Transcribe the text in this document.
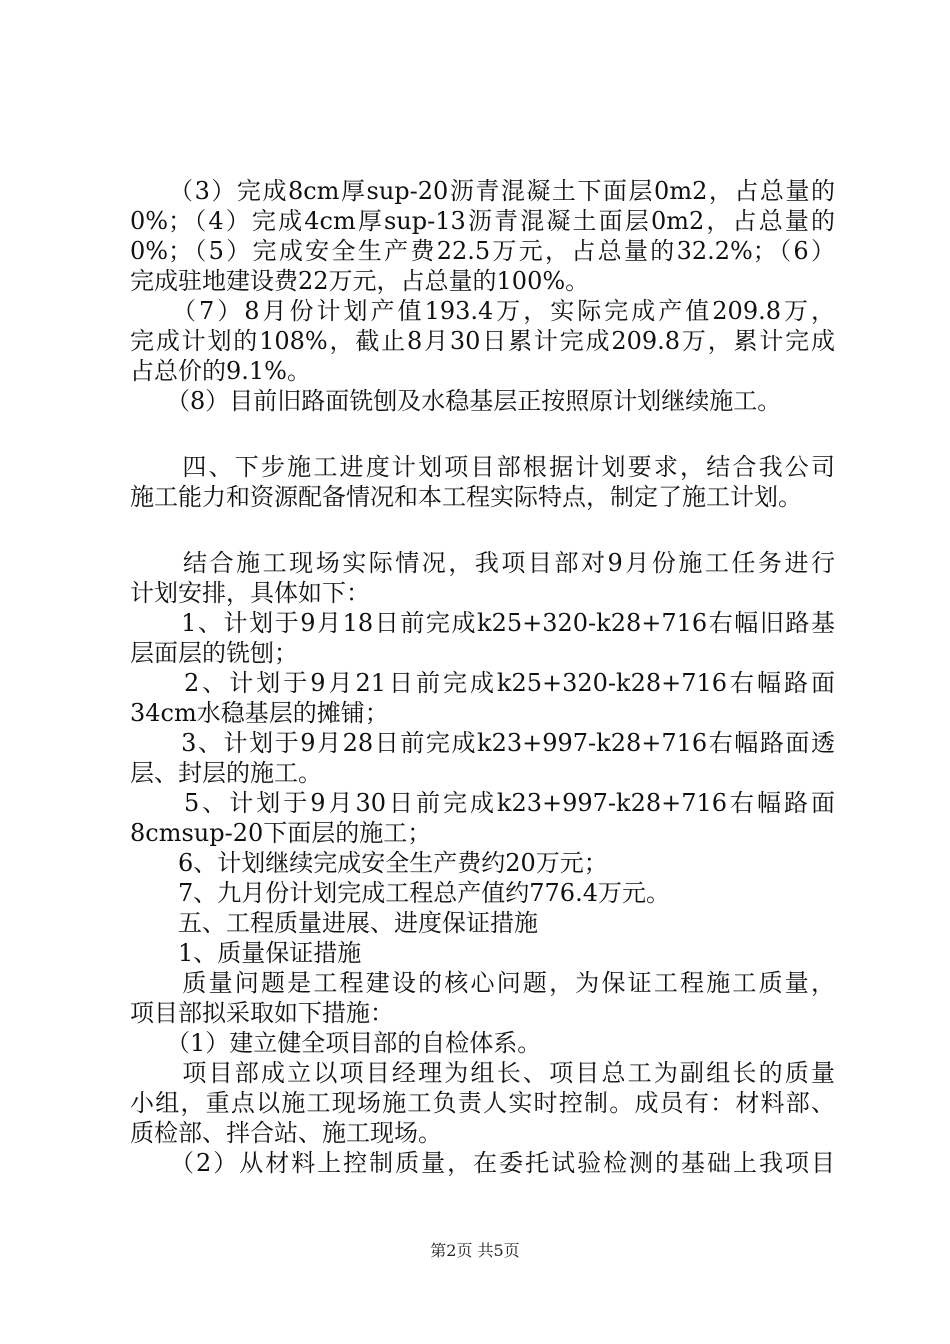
　　（3）完成8cm厚sup-20沥青混凝土下面层0m2，占总量的
0%；（4）完成4cm厚sup-13沥青混凝土面层0m2，占总量的
0%；（5）完成安全生产费22.5万元，占总量的32.2%；（6）
完成驻地建设费22万元，占总量的100%。
　　（7）8月份计划产值193.4万，实际完成产值209.8万，
完成计划的108%，截止8月30日累计完成209.8万，累计完成
占总价的9.1%。
　　（8）目前旧路面铣刨及水稳基层正按照原计划继续施工。
　　四、下步施工进度计划项目部根据计划要求，结合我公司
施工能力和资源配备情况和本工程实际特点，制定了施工计划。
　　结合施工现场实际情况，我项目部对9月份施工任务进行
计划安排，具体如下：
　　1、计划于9月18日前完成k25+320-k28+716右幅旧路基
层面层的铣刨；
　　2、计划于9月21日前完成k25+320-k28+716右幅路面
34cm水稳基层的摊铺；
　　3、计划于9月28日前完成k23+997-k28+716右幅路面透
层、封层的施工。
　　5、计划于9月30日前完成k23+997-k28+716右幅路面
8cmsup-20下面层的施工；
　　6、计划继续完成安全生产费约20万元；
　　7、九月份计划完成工程总产值约776.4万元。
　　五、工程质量进展、进度保证措施
　　1、质量保证措施
　　质量问题是工程建设的核心问题，为保证工程施工质量，
项目部拟采取如下措施：
　　（1）建立健全项目部的自检体系。
　　项目部成立以项目经理为组长、项目总工为副组长的质量
小组，重点以施工现场施工负责人实时控制。成员有：材料部、
质检部、拌合站、施工现场。
　　（2）从材料上控制质量，在委托试验检测的基础上我项目
第2页 共5页
